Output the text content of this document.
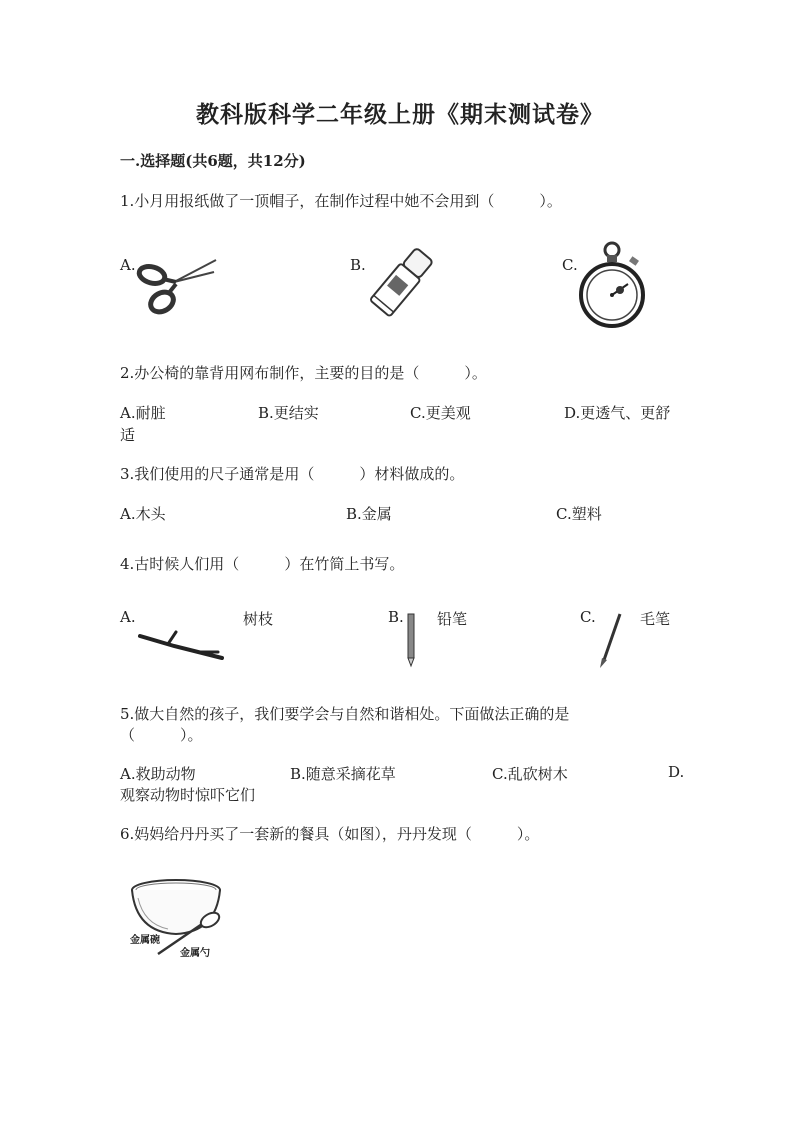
教科版科学二年级上册《期末测试卷》
一.选择题(共6题，共12分)
1.小月用报纸做了一顶帽子，在制作过程中她不会用到（　　　）。
A.	B.	C.
2.办公椅的靠背用网布制作，主要的目的是（　　　）。
A.耐脏	B.更结实	C.更美观	D.更透气、更舒
适
3.我们使用的尺子通常是用（　　　）材料做成的。
A.木头	B.金属	C.塑料
4.古时候人们用（　　　）在竹简上书写。
A.	树枝	B. 铅笔	C.	毛笔
5.做大自然的孩子，我们要学会与自然和谐相处。下面做法正确的是
（　　　）。
A.救助动物	B.随意采摘花草	C.乱砍树木	D.
观察动物时惊吓它们
6.妈妈给丹丹买了一套新的餐具（如图），丹丹发现（　　　）。
金属碗
金属勺
